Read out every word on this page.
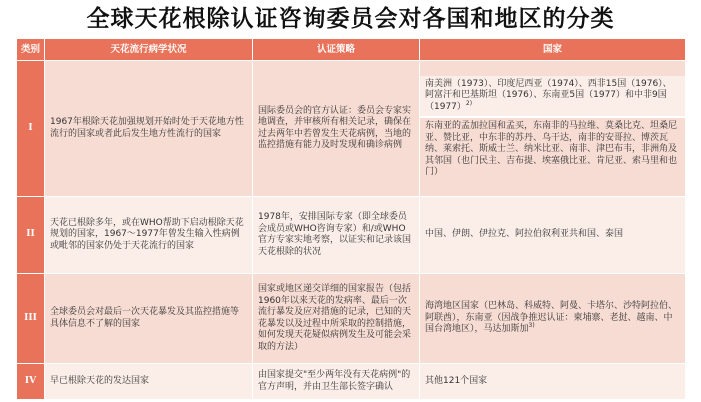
全球天花根除认证咨询委员会对各国和地区的分类
类别	天花流行病学状况	认证策略	国家
I	1967年根除天花加强规划开始时处于天花地方性流行的国家或者此后发生地方性流行的国家	国际委员会的官方认证：委员会专家实地调查，并审核所有相关记录，确保在过去两年中若曾发生天花病例，当地的监控措施有能力及时发现和确诊病例	南美洲（1973）、印度尼西亚（1974）、西非15国（1976）、阿富汗和巴基斯坦（1976）、东南亚5国（1977）和中非9国$(1977)^{2)}$
东南亚的孟加拉国和孟买，东南非的马拉维、莫桑比克、坦桑尼亚、赞比亚，中东非的苏丹、乌干达，南非的安哥拉、博茨瓦纳、莱索托、斯威士兰、纳米比亚、南非、津巴布韦，非洲角及其邻国（也门民主、吉布提、埃塞俄比亚、肯尼亚、索马里和也门）

II	天花已根除多年，或在WHO帮助下启动根除天花规划的国家，1967～1977年曾发生输入性病例或毗邻的国家仍处于天花流行的国家	1978年，安排国际专家（即全球委员会成员或WHO咨询专家）和/或WHO官方专家实地考察，以证实和记录该国天花根除的状况	中国、伊朗、伊拉克、阿拉伯叙利亚共和国、泰国
III	全球委员会对最后一次天花暴发及其监控措施等具体信息不了解的国家	国家或地区递交详细的国家报告（包括1960年以来天花的发病率、最后一次流行暴发及应对措施的记录，已知的天花暴发以及过程中所采取的控制措施，如何发现天花疑似病例发生及可能会采取的方法）	海湾地区国家（巴林岛、科威特、阿曼、卡塔尔、沙特阿拉伯、阿联酋），东南亚（因战争推迟认证：柬埔寨、老挝、越南、中国台湾地区），马达加斯加$^{3)}$
IV	早已根除天花的发达国家	由国家提交"至少两年没有天花病例"的官方声明，并由卫生部长签字确认	其他121个国家
